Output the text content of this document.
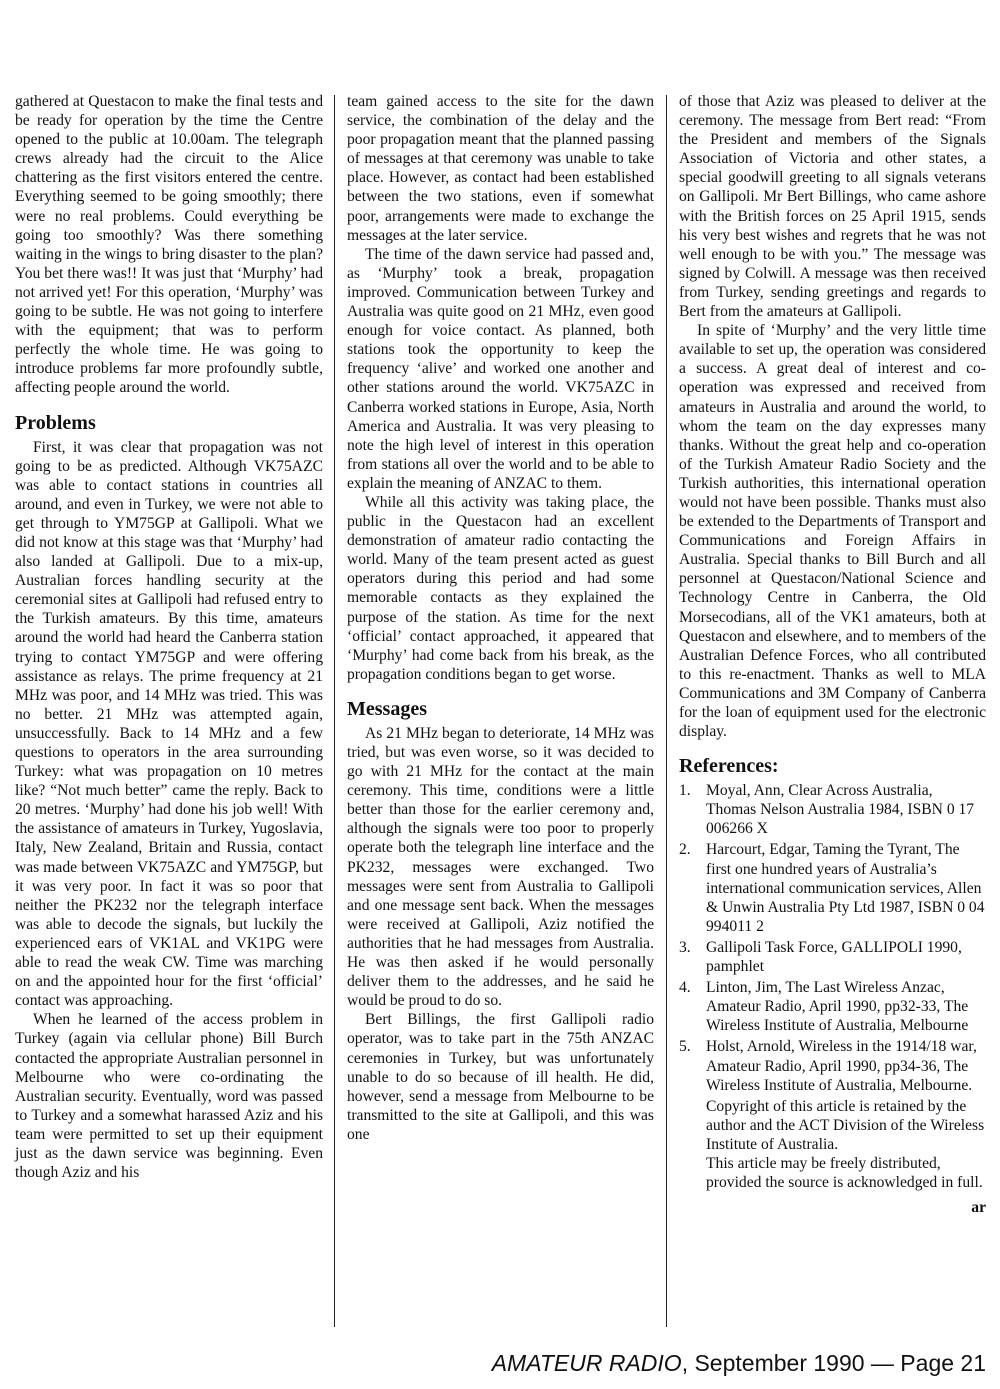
gathered at Questacon to make the final tests and be ready for operation by the time the Centre opened to the public at 10.00am. The telegraph crews already had the circuit to the Alice chattering as the first visitors entered the centre. Everything seemed to be going smoothly; there were no real problems. Could everything be going too smoothly? Was there something waiting in the wings to bring disaster to the plan? You bet there was!! It was just that ‘Murphy’ had not arrived yet! For this operation, ‘Murphy’ was going to be subtle. He was not going to interfere with the equipment; that was to perform perfectly the whole time. He was going to introduce problems far more profoundly subtle, affecting people around the world.

Problems

First, it was clear that propagation was not going to be as predicted. Although VK75AZC was able to contact stations in countries all around, and even in Turkey, we were not able to get through to YM75GP at Gallipoli. What we did not know at this stage was that ‘Murphy’ had also landed at Gallipoli. Due to a mix-up, Australian forces handling security at the ceremonial sites at Gallipoli had refused entry to the Turkish amateurs. By this time, amateurs around the world had heard the Canberra station trying to contact YM75GP and were offering assistance as relays. The prime frequency at 21 MHz was poor, and 14 MHz was tried. This was no better. 21 MHz was attempted again, unsuccessfully. Back to 14 MHz and a few questions to operators in the area surrounding Turkey: what was propagation on 10 metres like? “Not much better” came the reply. Back to 20 metres. ‘Murphy’ had done his job well! With the assistance of amateurs in Turkey, Yugoslavia, Italy, New Zealand, Britain and Russia, contact was made between VK75AZC and YM75GP, but it was very poor. In fact it was so poor that neither the PK232 nor the telegraph interface was able to decode the signals, but luckily the experienced ears of VK1AL and VK1PG were able to read the weak CW. Time was marching on and the appointed hour for the first ‘official’ contact was approaching.

When he learned of the access problem in Turkey (again via cellular phone) Bill Burch contacted the appropriate Australian personnel in Melbourne who were co-ordinating the Australian security. Eventually, word was passed to Turkey and a somewhat harassed Aziz and his team were permitted to set up their equipment just as the dawn service was beginning. Even though Aziz and his

team gained access to the site for the dawn service, the combination of the delay and the poor propagation meant that the planned passing of messages at that ceremony was unable to take place. However, as contact had been established between the two stations, even if somewhat poor, arrangements were made to exchange the messages at the later service.

The time of the dawn service had passed and, as ‘Murphy’ took a break, propagation improved. Communication between Turkey and Australia was quite good on 21 MHz, even good enough for voice contact. As planned, both stations took the opportunity to keep the frequency ‘alive’ and worked one another and other stations around the world. VK75AZC in Canberra worked stations in Europe, Asia, North America and Australia. It was very pleasing to note the high level of interest in this operation from stations all over the world and to be able to explain the meaning of ANZAC to them.

While all this activity was taking place, the public in the Questacon had an excellent demonstration of amateur radio contacting the world. Many of the team present acted as guest operators during this period and had some memorable contacts as they explained the purpose of the station. As time for the next ‘official’ contact approached, it appeared that ‘Murphy’ had come back from his break, as the propagation conditions began to get worse.

Messages

As 21 MHz began to deteriorate, 14 MHz was tried, but was even worse, so it was decided to go with 21 MHz for the contact at the main ceremony. This time, conditions were a little better than those for the earlier ceremony and, although the signals were too poor to properly operate both the telegraph line interface and the PK232, messages were exchanged. Two messages were sent from Australia to Gallipoli and one message sent back. When the messages were received at Gallipoli, Aziz notified the authorities that he had messages from Australia. He was then asked if he would personally deliver them to the addresses, and he said he would be proud to do so.

Bert Billings, the first Gallipoli radio operator, was to take part in the 75th ANZAC ceremonies in Turkey, but was unfortunately unable to do so because of ill health. He did, however, send a message from Melbourne to be transmitted to the site at Gallipoli, and this was one

of those that Aziz was pleased to deliver at the ceremony. The message from Bert read: “From the President and members of the Signals Association of Victoria and other states, a special goodwill greeting to all signals veterans on Gallipoli. Mr Bert Billings, who came ashore with the British forces on 25 April 1915, sends his very best wishes and regrets that he was not well enough to be with you.” The message was signed by Colwill. A message was then received from Turkey, sending greetings and regards to Bert from the amateurs at Gallipoli.

In spite of ‘Murphy’ and the very little time available to set up, the operation was considered a success. A great deal of interest and co-operation was expressed and received from amateurs in Australia and around the world, to whom the team on the day expresses many thanks. Without the great help and co-operation of the Turkish Amateur Radio Society and the Turkish authorities, this international operation would not have been possible. Thanks must also be extended to the Departments of Transport and Communications and Foreign Affairs in Australia. Special thanks to Bill Burch and all personnel at Questacon/National Science and Technology Centre in Canberra, the Old Morsecodians, all of the VK1 amateurs, both at Questacon and elsewhere, and to members of the Australian Defence Forces, who all contributed to this re-enactment. Thanks as well to MLA Communications and 3M Company of Canberra for the loan of equipment used for the electronic display.

References:
1. Moyal, Ann, Clear Across Australia, Thomas Nelson Australia 1984, ISBN 0 17 006266 X
2. Harcourt, Edgar, Taming the Tyrant, The first one hundred years of Australia’s international communication services, Allen & Unwin Australia Pty Ltd 1987, ISBN 0 04 994011 2
3. Gallipoli Task Force, GALLIPOLI 1990, pamphlet
4. Linton, Jim, The Last Wireless Anzac, Amateur Radio, April 1990, pp32-33, The Wireless Institute of Australia, Melbourne
5. Holst, Arnold, Wireless in the 1914/18 war, Amateur Radio, April 1990, pp34-36, The Wireless Institute of Australia, Melbourne.

Copyright of this article is retained by the author and the ACT Division of the Wireless Institute of Australia.

This article may be freely distributed, provided the source is acknowledged in full.

ar
AMATEUR RADIO, September 1990 — Page 21
